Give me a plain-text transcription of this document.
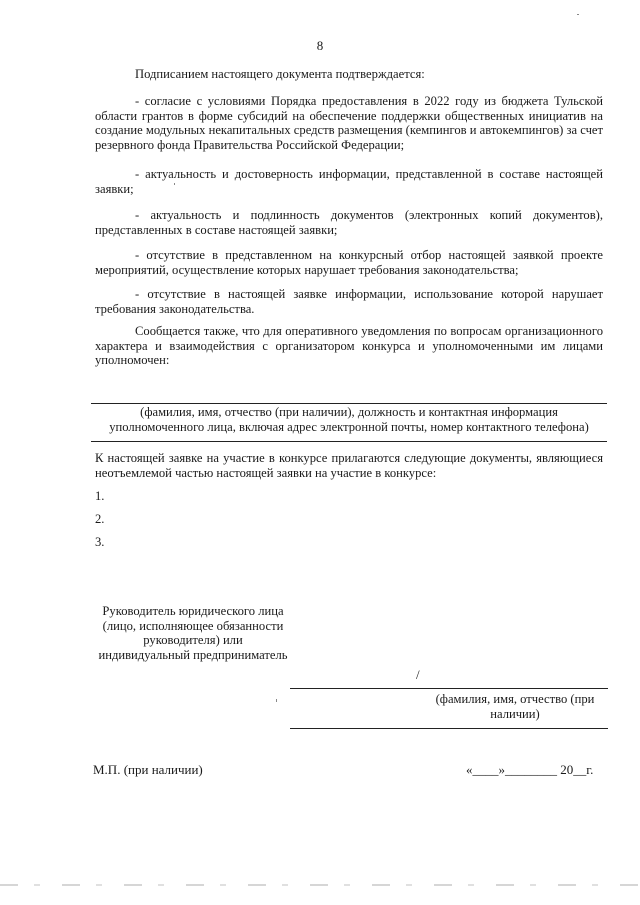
8
Подписанием настоящего документа подтверждается:
- согласие с условиями Порядка предоставления в 2022 году из бюджета Тульской области грантов в форме субсидий на обеспечение поддержки общественных инициатив на создание модульных некапитальных средств размещения (кемпингов и автокемпингов) за счет резервного фонда Правительства Российской Федерации;
- актуальность и достоверность информации, представленной в составе настоящей заявки;
- актуальность и подлинность документов (электронных копий документов), представленных в составе настоящей заявки;
- отсутствие в представленном на конкурсный отбор настоящей заявкой проекте мероприятий, осуществление которых нарушает требования законодательства;
- отсутствие в настоящей заявке информации, использование которой нарушает требования законодательства.
Сообщается также, что для оперативного уведомления по вопросам организационного характера и взаимодействия с организатором конкурса и уполномоченными им лицами уполномочен:
(фамилия, имя, отчество (при наличии), должность и контактная информация
уполномоченного лица, включая адрес электронной почты, номер контактного телефона)
К настоящей заявке на участие в конкурсе прилагаются следующие документы, являющиеся неотъемлемой частью настоящей заявки на участие в конкурсе:
1.
2.
3.
Руководитель юридического лица (лицо, исполняющее обязанности руководителя) или индивидуальный предприниматель
/
(фамилия, имя, отчество (при наличии)
М.П. (при наличии)	«____»________ 20__г.
